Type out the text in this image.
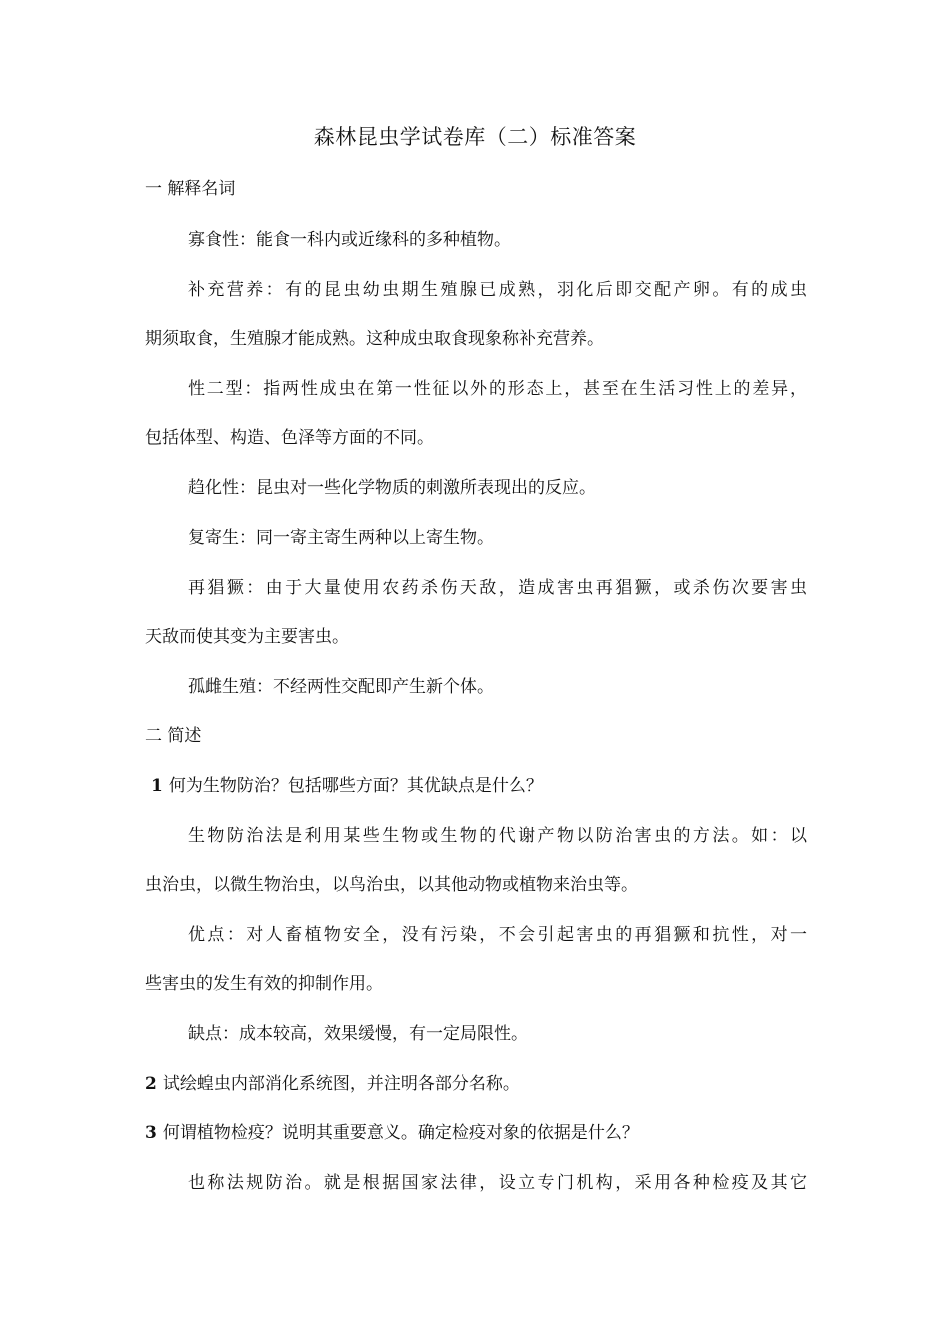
森林昆虫学试卷库（二）标准答案
一 解释名词
寡食性：能食一科内或近缘科的多种植物。
补充营养：有的昆虫幼虫期生殖腺已成熟，羽化后即交配产卵。有的成虫
期须取食，生殖腺才能成熟。这种成虫取食现象称补充营养。
性二型：指两性成虫在第一性征以外的形态上，甚至在生活习性上的差异，
包括体型、构造、色泽等方面的不同。
趋化性：昆虫对一些化学物质的刺激所表现出的反应。
复寄生：同一寄主寄生两种以上寄生物。
再猖獗：由于大量使用农药杀伤天敌，造成害虫再猖獗，或杀伤次要害虫
天敌而使其变为主要害虫。
孤雌生殖：不经两性交配即产生新个体。
二 简述
1 何为生物防治？包括哪些方面？其优缺点是什么？
生物防治法是利用某些生物或生物的代谢产物以防治害虫的方法。如：以
虫治虫，以微生物治虫，以鸟治虫，以其他动物或植物来治虫等。
优点：对人畜植物安全，没有污染，不会引起害虫的再猖獗和抗性，对一
些害虫的发生有效的抑制作用。
缺点：成本较高，效果缓慢，有一定局限性。
2 试绘蝗虫内部消化系统图，并注明各部分名称。
3 何谓植物检疫？说明其重要意义。确定检疫对象的依据是什么？
也称法规防治。就是根据国家法律，设立专门机构，采用各种检疫及其它
